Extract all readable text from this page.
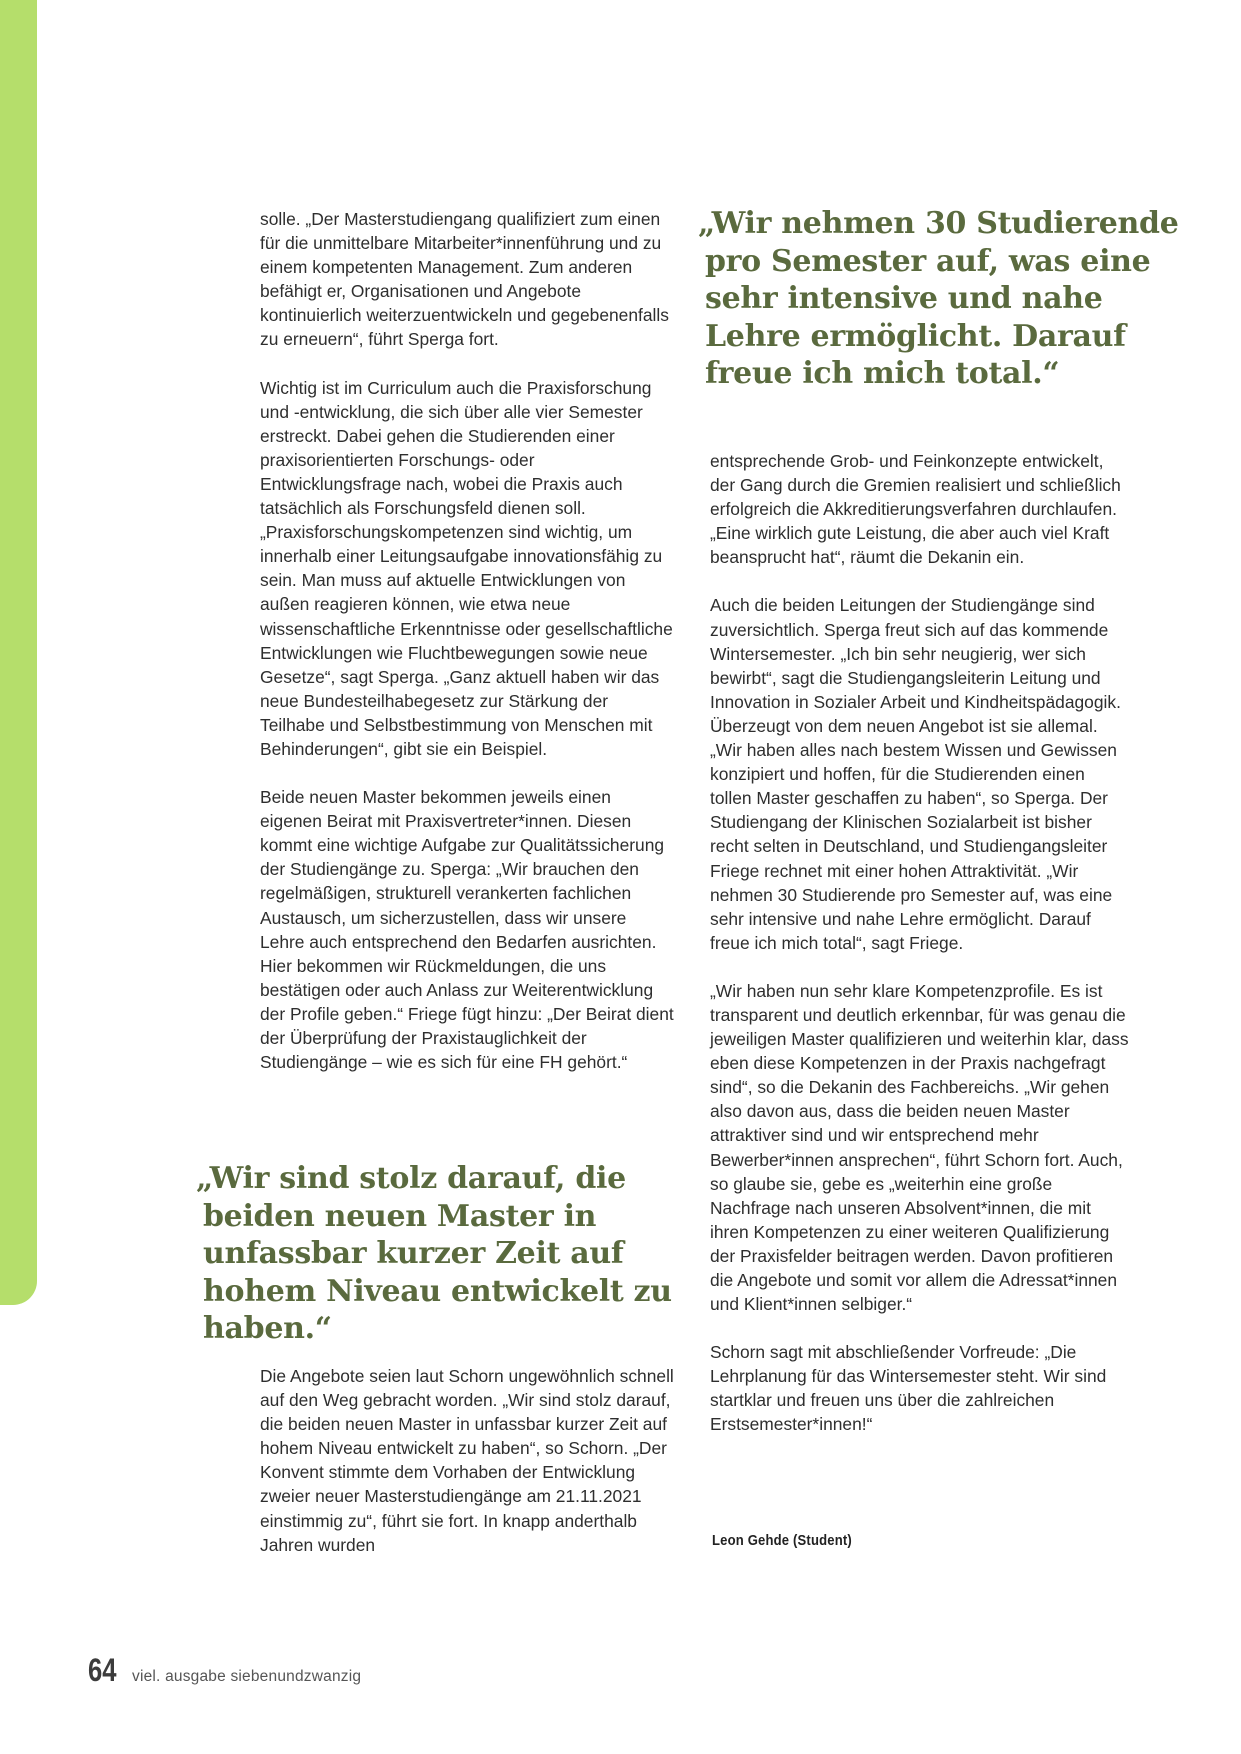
solle. „Der Masterstudiengang qualifiziert zum einen für die unmittelbare Mitarbeiter*innenführung und zu einem kompetenten Management. Zum anderen befähigt er, Organisationen und Angebote kontinuierlich weiterzuentwickeln und gegebenenfalls zu erneuern“, führt Sperga fort.

Wichtig ist im Curriculum auch die Praxisforschung und -entwicklung, die sich über alle vier Semester erstreckt. Dabei gehen die Studierenden einer praxisorientierten Forschungs- oder Entwicklungsfrage nach, wobei die Praxis auch tatsächlich als Forschungsfeld dienen soll. „Praxisforschungskompetenzen sind wichtig, um innerhalb einer Leitungsaufgabe innovationsfähig zu sein. Man muss auf aktuelle Entwicklungen von außen reagieren können, wie etwa neue wissenschaftliche Erkenntnisse oder gesellschaftliche Entwicklungen wie Fluchtbewegungen sowie neue Gesetze“, sagt Sperga. „Ganz aktuell haben wir das neue Bundesteilhabegesetz zur Stärkung der Teilhabe und Selbstbestimmung von Menschen mit Behinderungen“, gibt sie ein Beispiel.

Beide neuen Master bekommen jeweils einen eigenen Beirat mit Praxisvertreter*innen. Diesen kommt eine wichtige Aufgabe zur Qualitätssicherung der Studiengänge zu. Sperga: „Wir brauchen den regelmäßigen, strukturell verankerten fachlichen Austausch, um sicherzustellen, dass wir unsere Lehre auch entsprechend den Bedarfen ausrichten. Hier bekommen wir Rückmeldungen, die uns bestätigen oder auch Anlass zur Weiterentwicklung der Profile geben.“ Friege fügt hinzu: „Der Beirat dient der Überprüfung der Praxistauglichkeit der Studiengänge – wie es sich für eine FH gehört.“

„Wir sind stolz darauf, die beiden neuen Master in unfassbar kurzer Zeit auf hohem Niveau entwickelt zu haben.“

Die Angebote seien laut Schorn ungewöhnlich schnell auf den Weg gebracht worden. „Wir sind stolz darauf, die beiden neuen Master in unfassbar kurzer Zeit auf hohem Niveau entwickelt zu haben“, so Schorn. „Der Konvent stimmte dem Vorhaben der Entwicklung zweier neuer Masterstudiengänge am 21.11.2021 einstimmig zu“, führt sie fort. In knapp anderthalb Jahren wurden

„Wir nehmen 30 Studierende pro Semester auf, was eine sehr intensive und nahe Lehre ermöglicht. Darauf freue ich mich total.“

entsprechende Grob- und Feinkonzepte entwickelt, der Gang durch die Gremien realisiert und schließlich erfolgreich die Akkreditierungsverfahren durchlaufen. „Eine wirklich gute Leistung, die aber auch viel Kraft beansprucht hat“, räumt die Dekanin ein.

Auch die beiden Leitungen der Studiengänge sind zuversichtlich. Sperga freut sich auf das kommende Wintersemester. „Ich bin sehr neugierig, wer sich bewirbt“, sagt die Studiengangsleiterin Leitung und Innovation in Sozialer Arbeit und Kindheitspädagogik. Überzeugt von dem neuen Angebot ist sie allemal. „Wir haben alles nach bestem Wissen und Gewissen konzipiert und hoffen, für die Studierenden einen tollen Master geschaffen zu haben“, so Sperga. Der Studiengang der Klinischen Sozialarbeit ist bisher recht selten in Deutschland, und Studiengangsleiter Friege rechnet mit einer hohen Attraktivität. „Wir nehmen 30 Studierende pro Semester auf, was eine sehr intensive und nahe Lehre ermöglicht. Darauf freue ich mich total“, sagt Friege.

„Wir haben nun sehr klare Kompetenzprofile. Es ist transparent und deutlich erkennbar, für was genau die jeweiligen Master qualifizieren und weiterhin klar, dass eben diese Kompetenzen in der Praxis nachgefragt sind“, so die Dekanin des Fachbereichs. „Wir gehen also davon aus, dass die beiden neuen Master attraktiver sind und wir entsprechend mehr Bewerber*innen ansprechen“, führt Schorn fort. Auch, so glaube sie, gebe es „weiterhin eine große Nachfrage nach unseren Absolvent*innen, die mit ihren Kompetenzen zu einer weiteren Qualifizierung der Praxisfelder beitragen werden. Davon profitieren die Angebote und somit vor allem die Adressat*innen und Klient*innen selbiger.“

Schorn sagt mit abschließender Vorfreude: „Die Lehrplanung für das Wintersemester steht. Wir sind startklar und freuen uns über die zahlreichen Erstsemester*innen!“

Leon Gehde (Student)
64 viel. ausgabe siebenundzwanzig
